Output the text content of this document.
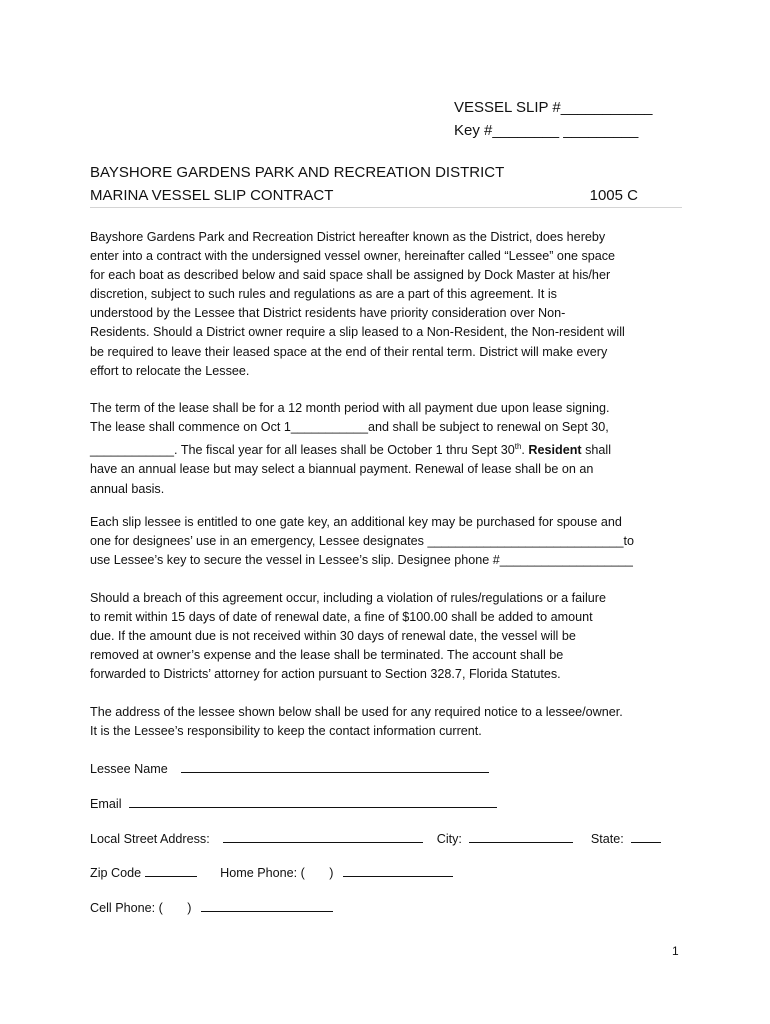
VESSEL SLIP #___________
Key #________ _________
BAYSHORE GARDENS PARK AND RECREATION DISTRICT
MARINA VESSEL SLIP CONTRACT	1005 C
Bayshore Gardens Park and Recreation District hereafter known as the District, does hereby
enter into a contract with the undersigned vessel owner, hereinafter called “Lessee” one space
for each boat as described below and said space shall be assigned by Dock Master at his/her
discretion, subject to such rules and regulations as are a part of this agreement. It is
understood by the Lessee that District residents have priority consideration over Non-
Residents. Should a District owner require a slip leased to a Non-Resident, the Non-resident will
be required to leave their leased space at the end of their rental term. District will make every
effort to relocate the Lessee.
The term of the lease shall be for a 12 month period with all payment due upon lease signing.
The lease shall commence on Oct 1___________and shall be subject to renewal on Sept 30,
____________. The fiscal year for all leases shall be October 1 thru Sept 30th. Resident shall
have an annual lease but may select a biannual payment. Renewal of lease shall be on an
annual basis.
Each slip lessee is entitled to one gate key, an additional key may be purchased for spouse and
one for designees’ use in an emergency, Lessee designates ____________________________to
use Lessee’s key to secure the vessel in Lessee’s slip. Designee phone #___________________
Should a breach of this agreement occur, including a violation of rules/regulations or a failure
to remit within 15 days of date of renewal date, a fine of $100.00 shall be added to amount
due. If the amount due is not received within 30 days of renewal date, the vessel will be
removed at owner’s expense and the lease shall be terminated. The account shall be
forwarded to Districts’ attorney for action pursuant to Section 328.7, Florida Statutes.
The address of the lessee shown below shall be used for any required notice to a lessee/owner.
It is the Lessee’s responsibility to keep the contact information current.
Lessee Name
Email
Local Street Address:	City:	State:
Zip Code	Home Phone: (       )
Cell Phone: (       )
1
